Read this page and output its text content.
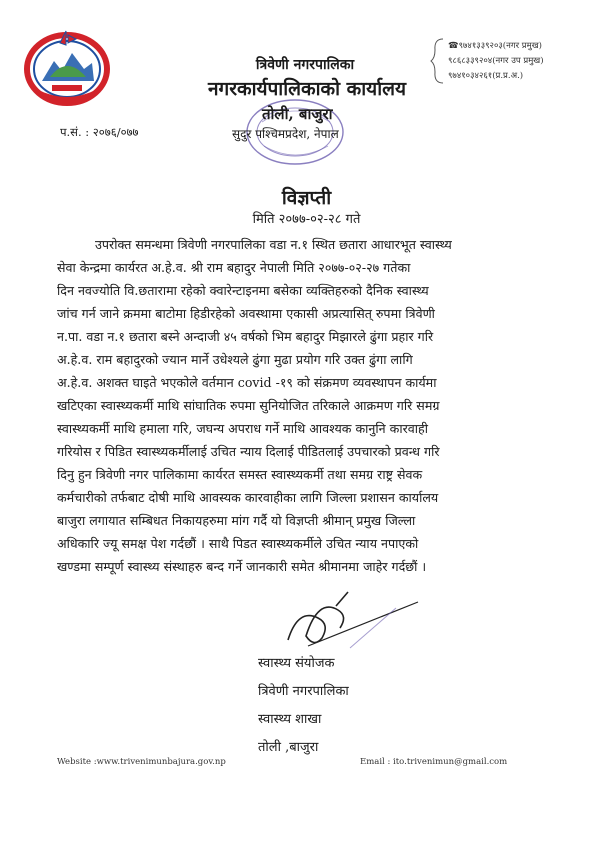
त्रिवेणी नगरपालिका
नगरकार्यपालिकाको कार्यालय
तोली, बाजुरा
सुदुर पश्चिमप्रदेश, नेपाल
☎९७४१३३९२०३(नगर प्रमुख)
९८६८३३९२०४(नगर उप प्रमुख)
९७४१०३४२६१(प्र.प्र.अ.)
प.सं. : २०७६/०७७
विज्ञप्ती
मिति २०७७-०२-२८ गते
उपरोक्त समन्धमा त्रिवेणी नगरपालिका वडा न.१ स्थित छतारा आधारभूत स्वास्थ्य
सेवा केन्द्रमा कार्यरत अ.हे.व. श्री राम बहादुर नेपाली मिति २०७७-०२-२७ गतेका
दिन नवज्योति वि.छतारामा रहेको क्वारेन्टाइनमा बसेका व्यक्तिहरुको दैनिक स्वास्थ्य
जांच गर्न जाने क्रममा बाटोमा हिडीरहेको अवस्थामा एकासी अप्रत्यासित् रुपमा त्रिवेणी
न.पा. वडा न.१ छतारा बस्ने अन्दाजी ४५ वर्षको भिम बहादुर मिझारले ढुंगा प्रहार गरि
अ.हे.व. राम बहादुरको ज्यान मार्ने उधेश्यले ढुंगा मुढा प्रयोग गरि उक्त ढुंगा लागि
अ.हे.व. अशक्त घाइते भएकोले वर्तमान covid -१९ को संक्रमण व्यवस्थापन कार्यमा
खटिएका स्वास्थ्यकर्मी माथि सांघातिक रुपमा सुनियोजित तरिकाले आक्रमण गरि समग्र
स्वास्थ्यकर्मी माथि हमाला गरि, जघन्य अपराध गर्ने माथि आवश्यक कानुनि कारवाही
गरियोस र पिडित स्वास्थ्यकर्मीलाई उचित न्याय दिलाई पीडितलाई उपचारको प्रवन्ध गरि
दिनु हुन त्रिवेणी नगर पालिकामा कार्यरत समस्त स्वास्थ्यकर्मी तथा समग्र राष्ट्र सेवक
कर्मचारीको तर्फबाट दोषी माथि आवस्यक कारवाहीका लागि जिल्ला प्रशासन कार्यालय
बाजुरा लगायात सम्बिधत निकायहरुमा मांग गर्दै यो विज्ञप्ती श्रीमान् प्रमुख जिल्ला
अधिकारि ज्यू समक्ष पेश गर्दछौं । साथै पिडत स्वास्थ्यकर्मीले उचित न्याय नपाएको
खण्डमा सम्पूर्ण स्वास्थ्य संस्थाहरु बन्द गर्ने जानकारी समेत श्रीमानमा जाहेर गर्दछौं ।
स्वास्थ्य संयोजक
त्रिवेणी नगरपालिका
स्वास्थ्य शाखा
तोली ,बाजुरा
Website :www.trivenimunbajura.gov.np	Email : ito.trivenimun@gmail.com
